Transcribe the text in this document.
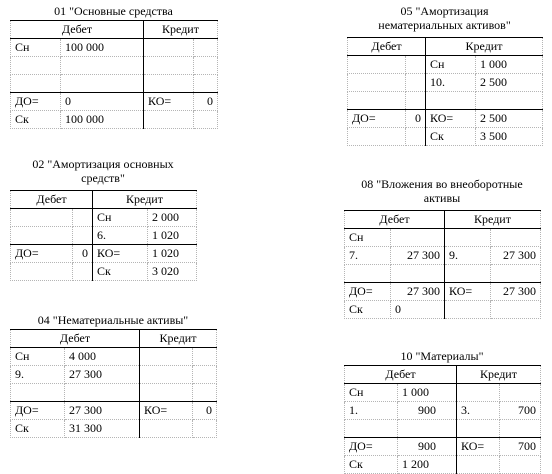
01 "Основные средства
Дебет		Кредит	
Сн	100 000		

ДО=	0	КО=	0
Ск	100 000		
05 "Амортизация
нематериальных активов"
Дебет		Кредит	
		Сн	1 000
		10.	2 500

ДО=	0	КО=	2 500
		Ск	3 500
02 "Амортизация основных
средств"
Дебет		Кредит	
		Сн	2 000
		6.	1 020
ДО=	0	КО=	1 020
		Ск	3 020
08 "Вложения во внеоборотные
активы
Дебет		Кредит	
Сн			
7.	27 300	9.	27 300

ДО=	27 300	КО=	27 300
Ск	0		
04 "Нематериальные активы"
Дебет		Кредит	
Сн	4 000		
9.	27 300		

ДО=	27 300	КО=	0
Ск	31 300		
10 "Материалы"
Дебет		Кредит	
Сн	1 000		
1.	900	3.	700

ДО=	900	КО=	700
Ск	1 200		
